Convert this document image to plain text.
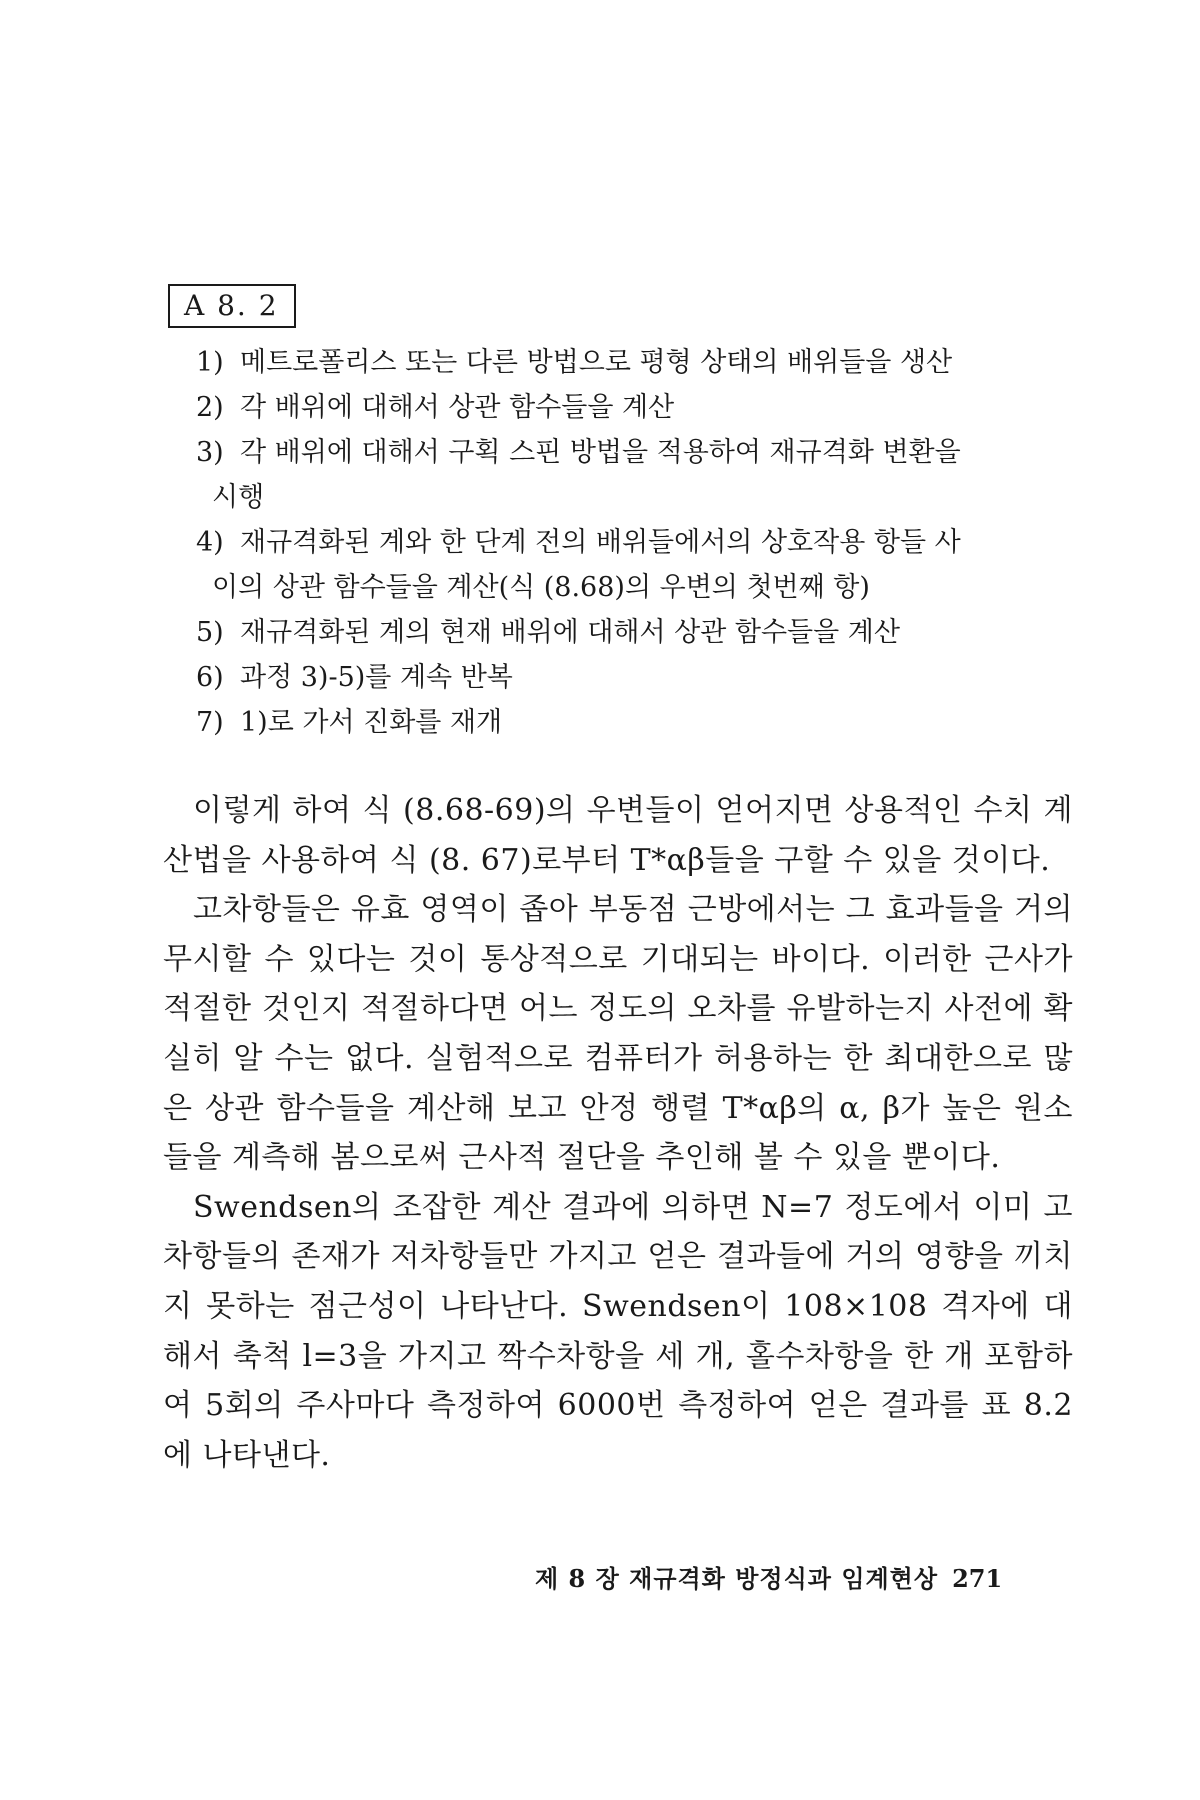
A 8. 2
1) 메트로폴리스 또는 다른 방법으로 평형 상태의 배위들을 생산
2) 각 배위에 대해서 상관 함수들을 계산
3) 각 배위에 대해서 구획 스핀 방법을 적용하여 재규격화 변환을
시행
4) 재규격화된 계와 한 단계 전의 배위들에서의 상호작용 항들 사
이의 상관 함수들을 계산(식 (8.68)의 우변의 첫번째 항)
5) 재규격화된 계의 현재 배위에 대해서 상관 함수들을 계산
6) 과정 3)-5)를 계속 반복
7) 1)로 가서 진화를 재개

이렇게 하여 식 (8.68-69)의 우변들이 얻어지면 상용적인 수치 계산법을 사용하여 식 (8. 67)로부터 T*αβ들을 구할 수 있을 것이다.

고차항들은 유효 영역이 좁아 부동점 근방에서는 그 효과들을 거의 무시할 수 있다는 것이 통상적으로 기대되는 바이다. 이러한 근사가 적절한 것인지 적절하다면 어느 정도의 오차를 유발하는지 사전에 확실히 알 수는 없다. 실험적으로 컴퓨터가 허용하는 한 최대한으로 많은 상관 함수들을 계산해 보고 안정 행렬 T*αβ의 α, β가 높은 원소들을 계측해 봄으로써 근사적 절단을 추인해 볼 수 있을 뿐이다.

Swendsen의 조잡한 계산 결과에 의하면 N=7 정도에서 이미 고차항들의 존재가 저차항들만 가지고 얻은 결과들에 거의 영향을 끼치지 못하는 점근성이 나타난다. Swendsen이 108×108 격자에 대해서 축척 l=3을 가지고 짝수차항을 세 개, 홀수차항을 한 개 포함하여 5회의 주사마다 측정하여 6000번 측정하여 얻은 결과를 표 8.2에 나타낸다.

제 8 장 재규격화 방정식과 임계현상 271
